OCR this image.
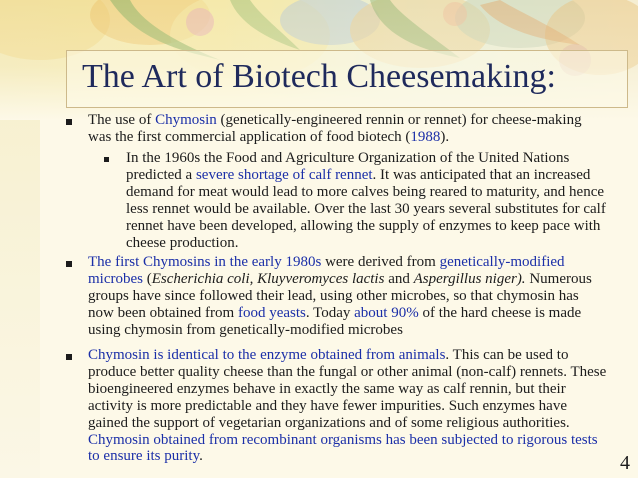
The Art of Biotech Cheesemaking:

The use of Chymosin (genetically-engineered rennin or rennet) for cheese-making was the first commercial application of food biotech (1988).

In the 1960s the Food and Agriculture Organization of the United Nations predicted a severe shortage of calf rennet. It was anticipated that an increased demand for meat would lead to more calves being reared to maturity, and hence less rennet would be available. Over the last 30 years several substitutes for calf rennet have been developed, allowing the supply of enzymes to keep pace with cheese production.

The first Chymosins in the early 1980s were derived from genetically-modified microbes (Escherichia coli, Kluyveromyces lactis and Aspergillus niger). Numerous groups have since followed their lead, using other microbes, so that chymosin has now been obtained from food yeasts. Today about 90% of the hard cheese is made using chymosin from genetically-modified microbes

Chymosin is identical to the enzyme obtained from animals. This can be used to produce better quality cheese than the fungal or other animal (non-calf) rennets. These bioengineered enzymes behave in exactly the same way as calf rennin, but their activity is more predictable and they have fewer impurities. Such enzymes have gained the support of vegetarian organizations and of some religious authorities. Chymosin obtained from recombinant organisms has been subjected to rigorous tests to ensure its purity.	4
